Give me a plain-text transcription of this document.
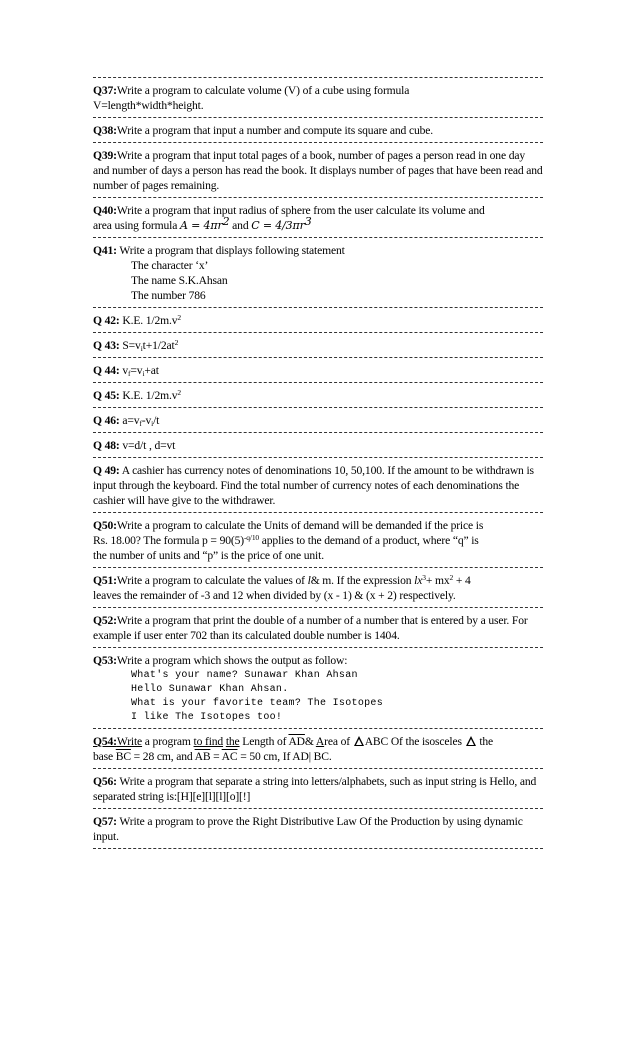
Q37:Write a program to calculate volume (V) of a cube using formula
V=length*width*height.

Q38:Write a program that input a number and compute its square and cube.

Q39:Write a program that input total pages of a book, number of pages a person read in one day and number of days a person has read the book. It displays number of pages that have been read and number of pages remaining.

Q40:Write a program that input radius of sphere from the user calculate its volume and
area using formula $A = 4\pi r^2$ and $C = 4/3\pi r^3$

Q41: Write a program that displays following statement
The character ‘x’
The name S.K.Ahsan
The number 786

Q 42: K.E. $1/2m.v^2$

Q 43: $S=v_it+1/2at^2$

Q 44: $v_f=v_i+at$

Q 45: K.E. $1/2m.v^2$

Q 46: $a=v_f-v_i/t$

Q 48: v=d/t , d=vt

Q 49: A cashier has currency notes of denominations 10, 50,100. If the amount to be withdrawn is input through the keyboard. Find the total number of currency notes of each denominations the cashier will have give to the withdrawer.

Q50:Write a program to calculate the Units of demand will be demanded if the price is
Rs. 18.00? The formula $p = 90(5)^{-q/10}$ applies to the demand of a product, where “q” is
the number of units and “p” is the price of one unit.

Q51:Write a program to calculate the values of l& m. If the expression $lx^3+ mx^2 + 4$
leaves the remainder of -3 and 12 when divided by (x - 1) & (x + 2) respectively.

Q52:Write a program that print the double of a number of a number that is entered by a user. For example if user enter 702 than its calculated double number is 1404.

Q53:Write a program which shows the output as follow:

What's your name? Sunawar Khan Ahsan
Hello Sunawar Khan Ahsan.
What is your favorite team? The Isotopes
I like The Isotopes too!

Q54:Write a program to find the Length of $\overline{AD}\&$ Area of ABC Of the isosceles  the
base $\overline{BC} = 28$ cm, and $\overline{AB} = \overline{AC} = 50$ cm, If AD| BC.

Q56: Write a program that separate a string into letters/alphabets, such as input string is Hello, and separated string is:[H][e][l][l][o][!]

Q57: Write a program to prove the Right Distributive Law Of the Production by using dynamic input.
